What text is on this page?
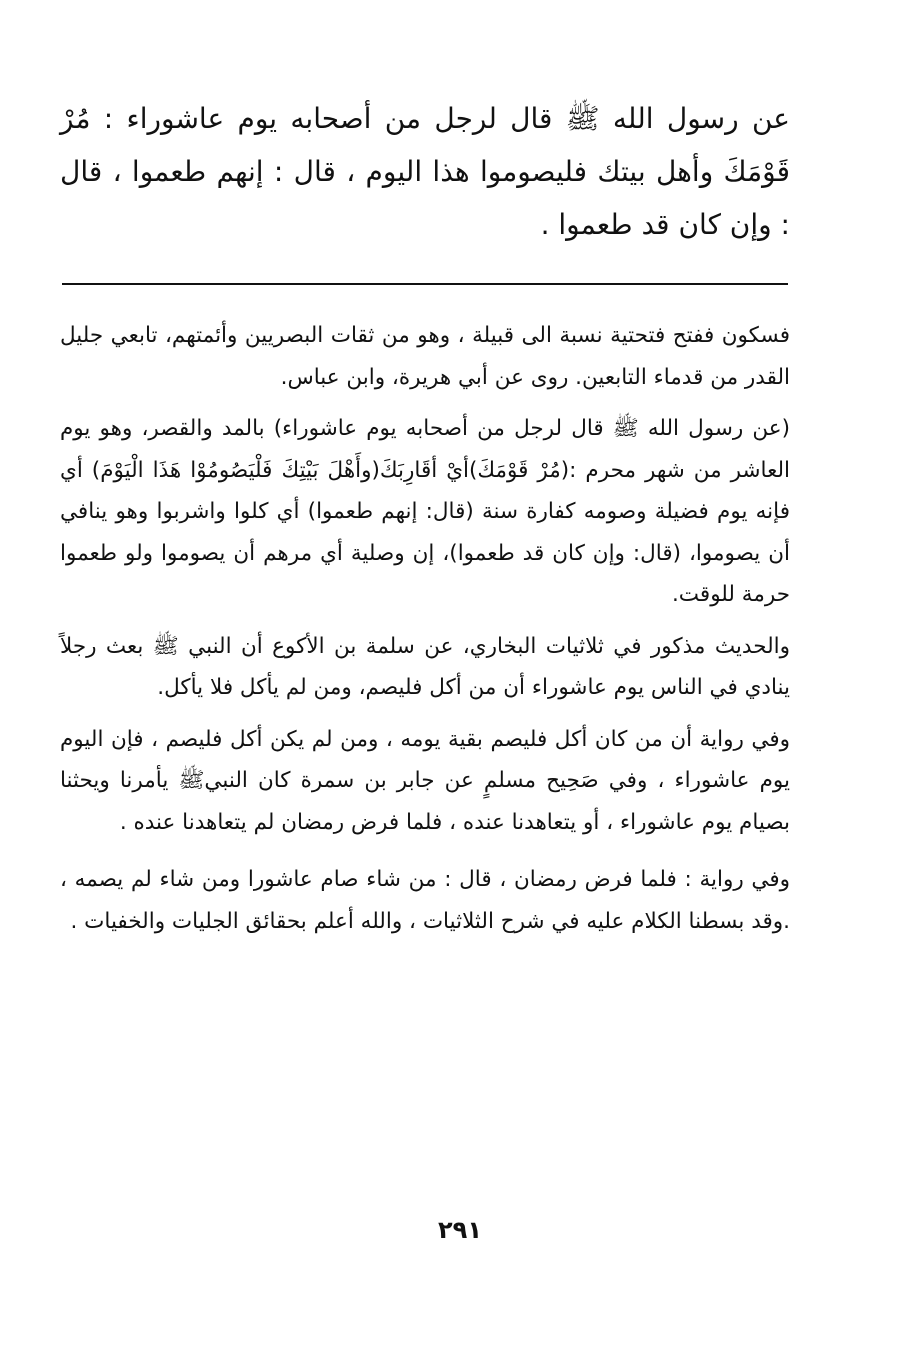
عن رسول الله ﷺ قال لرجل من أصحابه يوم عاشوراء : مُرْ قَوْمَكَ وأهل بيتك فليصوموا هذا اليوم ، قال : إنهم طعموا ، قال : وإن كان قد طعموا .

فسكون ففتح فتحتية نسبة الى قبيلة ، وهو من ثقات البصريين وأئمتهم، تابعي جليل القدر من قدماء التابعين. روى عن أبي هريرة، وابن عباس.

(عن رسول الله ﷺ قال لرجل من أصحابه يوم عاشوراء) بالمد والقصر، وهو يوم العاشر من شهر محرم :(مُرْ قَوْمَكَ)أيْ أقَارِبَكَ(وأَهْلَ بَيْتِكَ فَلْيَصُومُوْا هَذَا الْيَوْمَ) أي فإنه يوم فضيلة وصومه كفارة سنة (قال: إنهم طعموا) أي كلوا واشربوا وهو ينافي أن يصوموا، (قال: وإن كان قد طعموا)، إن وصلية أي مرهم أن يصوموا ولو طعموا حرمة للوقت.

والحديث مذكور في ثلاثيات البخاري، عن سلمة بن الأكوع أن النبي ﷺ بعث رجلاً ينادي في الناس يوم عاشوراء أن من أكل فليصم، ومن لم يأكل فلا يأكل.

وفي رواية أن من كان أكل فليصم بقية يومه ، ومن لم يكن أكل فليصم ، فإن اليوم يوم عاشوراء ، وفي صَحِيح مسلمٍ عن جابر بن سمرة كان النبيﷺ يأمرنا ويحثنا بصيام يوم عاشوراء ، أو يتعاهدنا عنده ، فلما فرض رمضان لم يتعاهدنا عنده .

وفي رواية : فلما فرض رمضان ، قال : من شاء صام عاشورا ومن شاء لم يصمه ، .وقد بسطنا الكلام عليه في شرح الثلاثيات ، والله أعلم بحقائق الجليات والخفيات .

٢٩١
